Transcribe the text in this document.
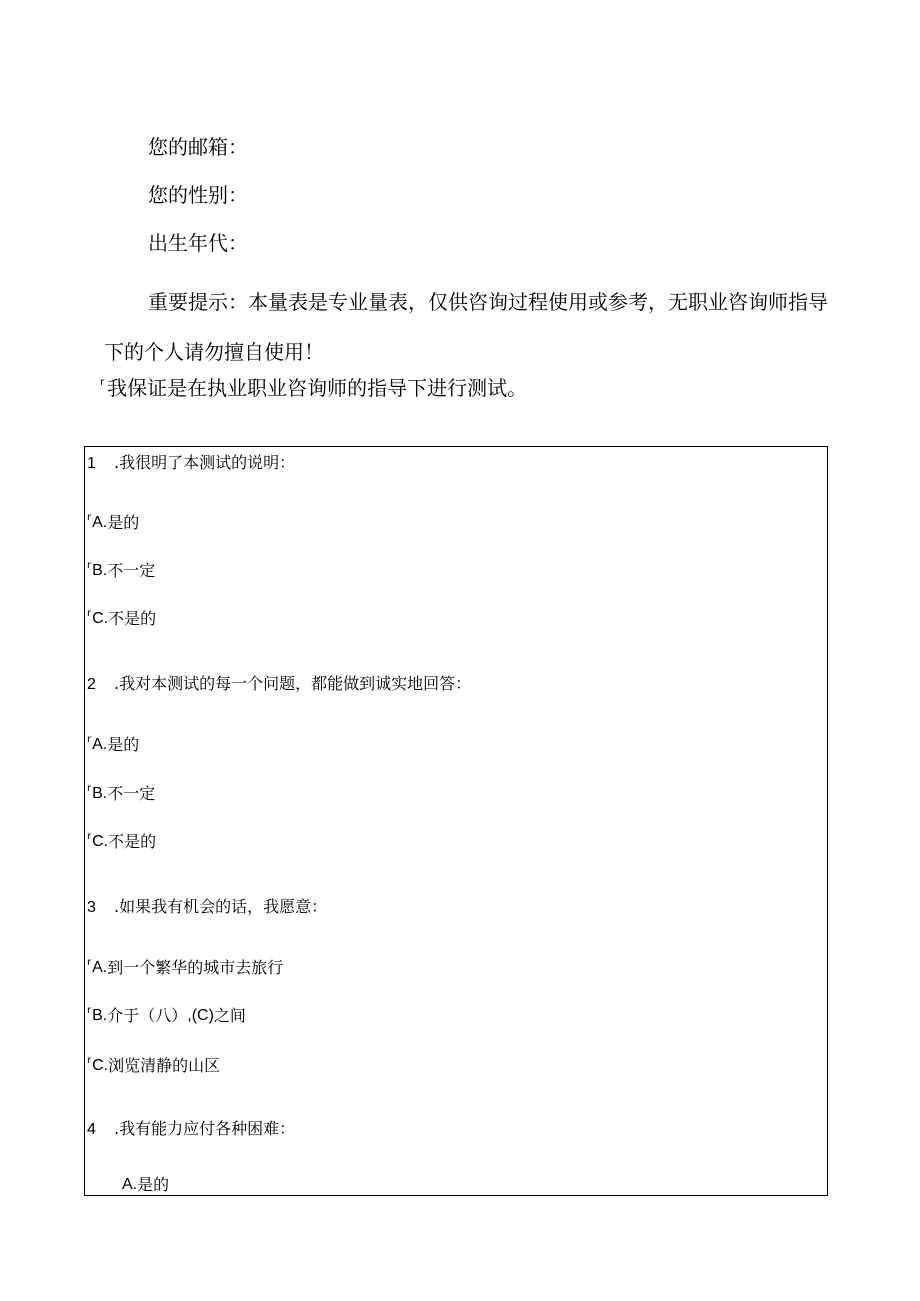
您的邮箱：

您的性别：

出生年代：

重要提示：本量表是专业量表，仅供咨询过程使用或参考，无职业咨询师指导下的个人请勿擅自使用！

r 我保证是在执业职业咨询师的指导下进行测试。
1 .我很明了本测试的说明：
r A. 是的
r B. 不一定
r C. 不是的
2 .我对本测试的每一个问题，都能做到诚实地回答：
r A. 是的
r B. 不一定
r C. 不是的
3 .如果我有机会的话，我愿意：
r A. 到一个繁华的城市去旅行
r B. 介于（八） ,(C) 之间
r C. 浏览清静的山区
4 .我有能力应付各种困难：
A. 是的
